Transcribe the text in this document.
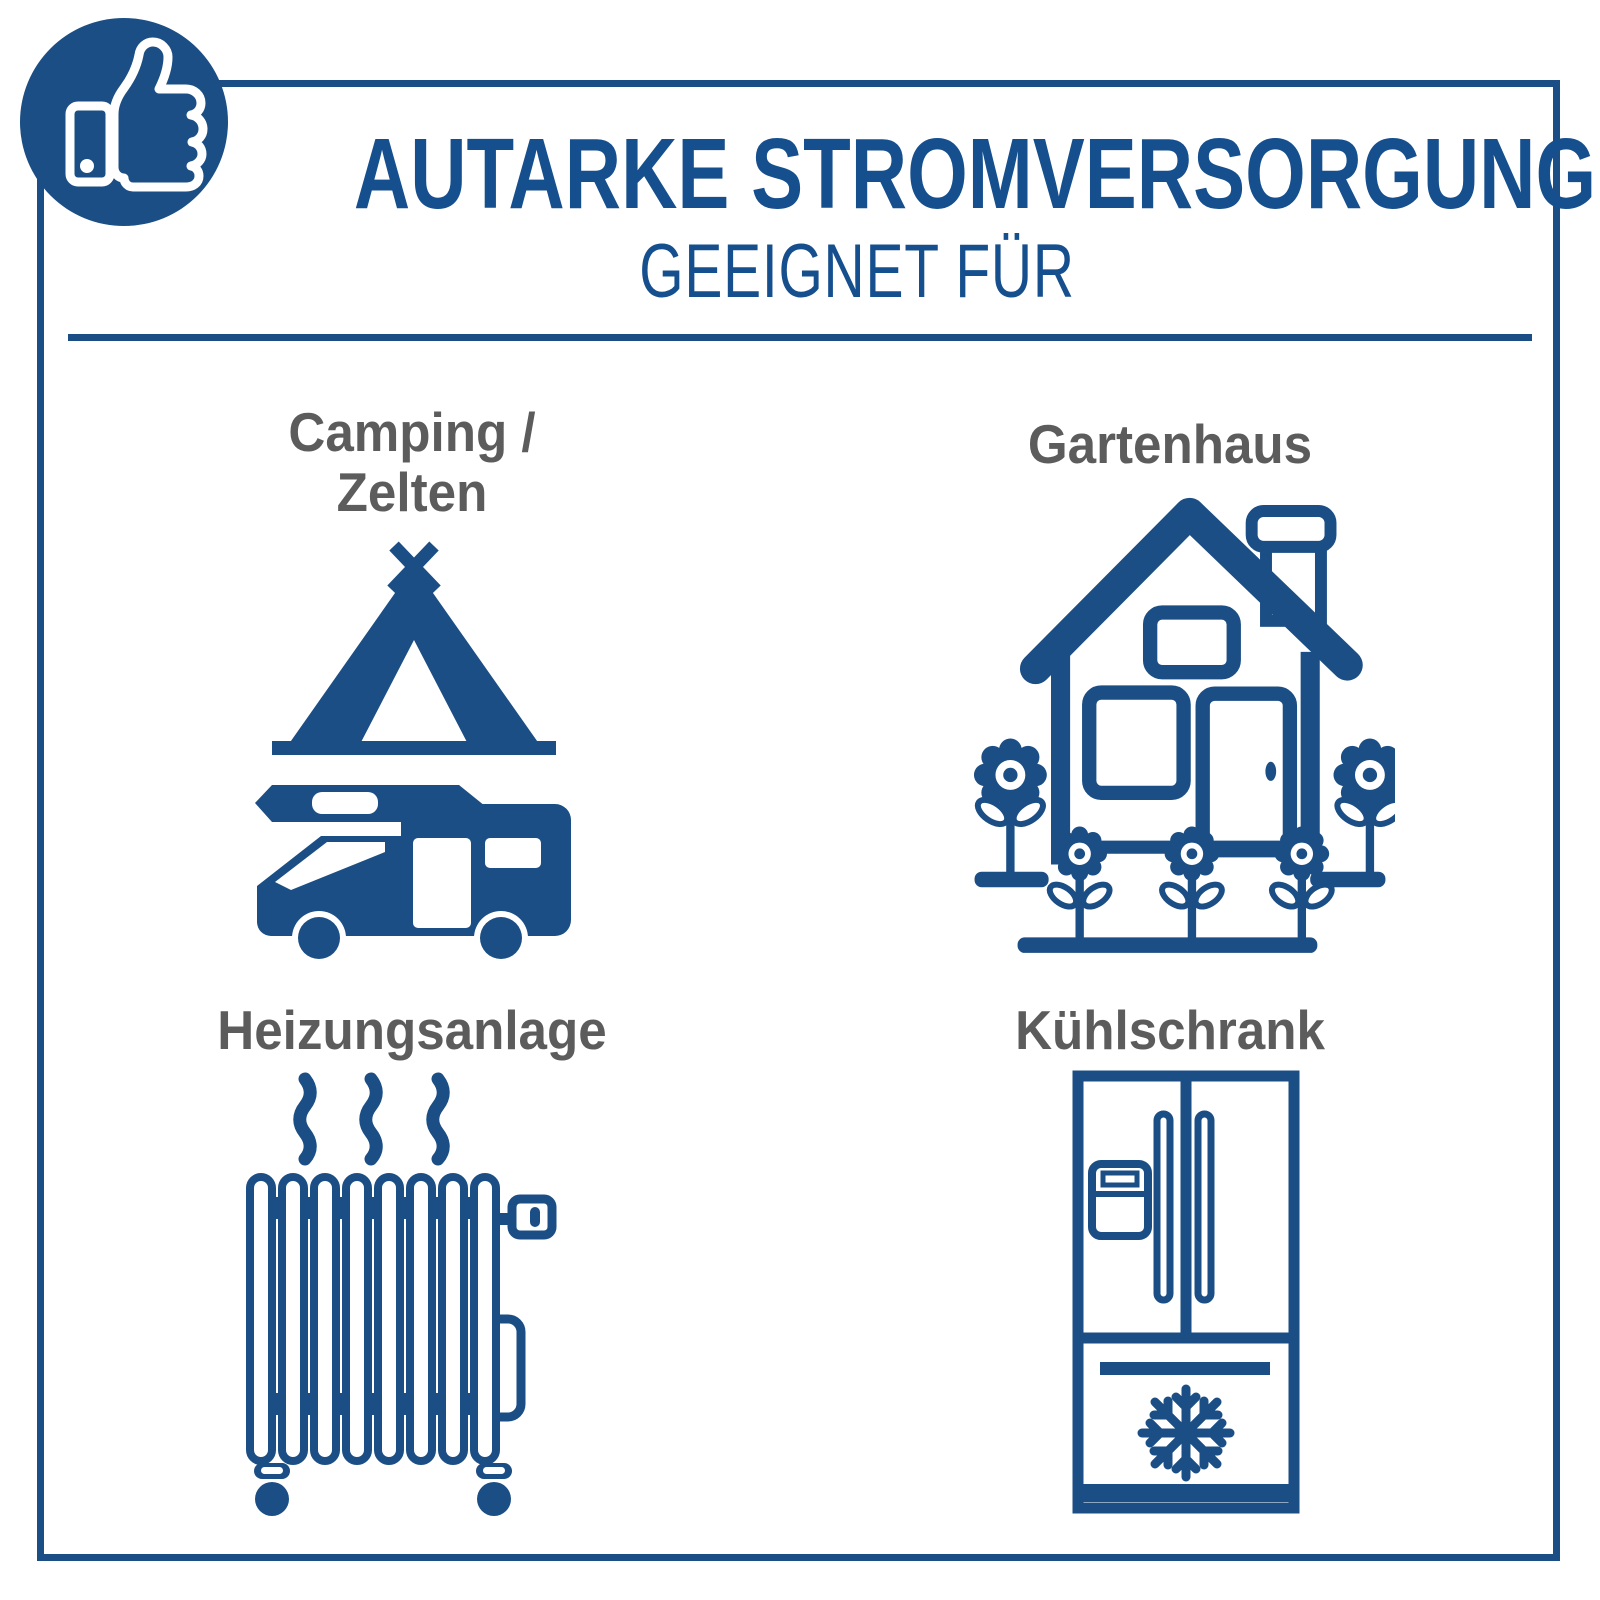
AUTARKE STROMVERSORGUNG
GEEIGNET FÜR
Camping /
Zelten
Gartenhaus
Heizungsanlage	Kühlschrank
